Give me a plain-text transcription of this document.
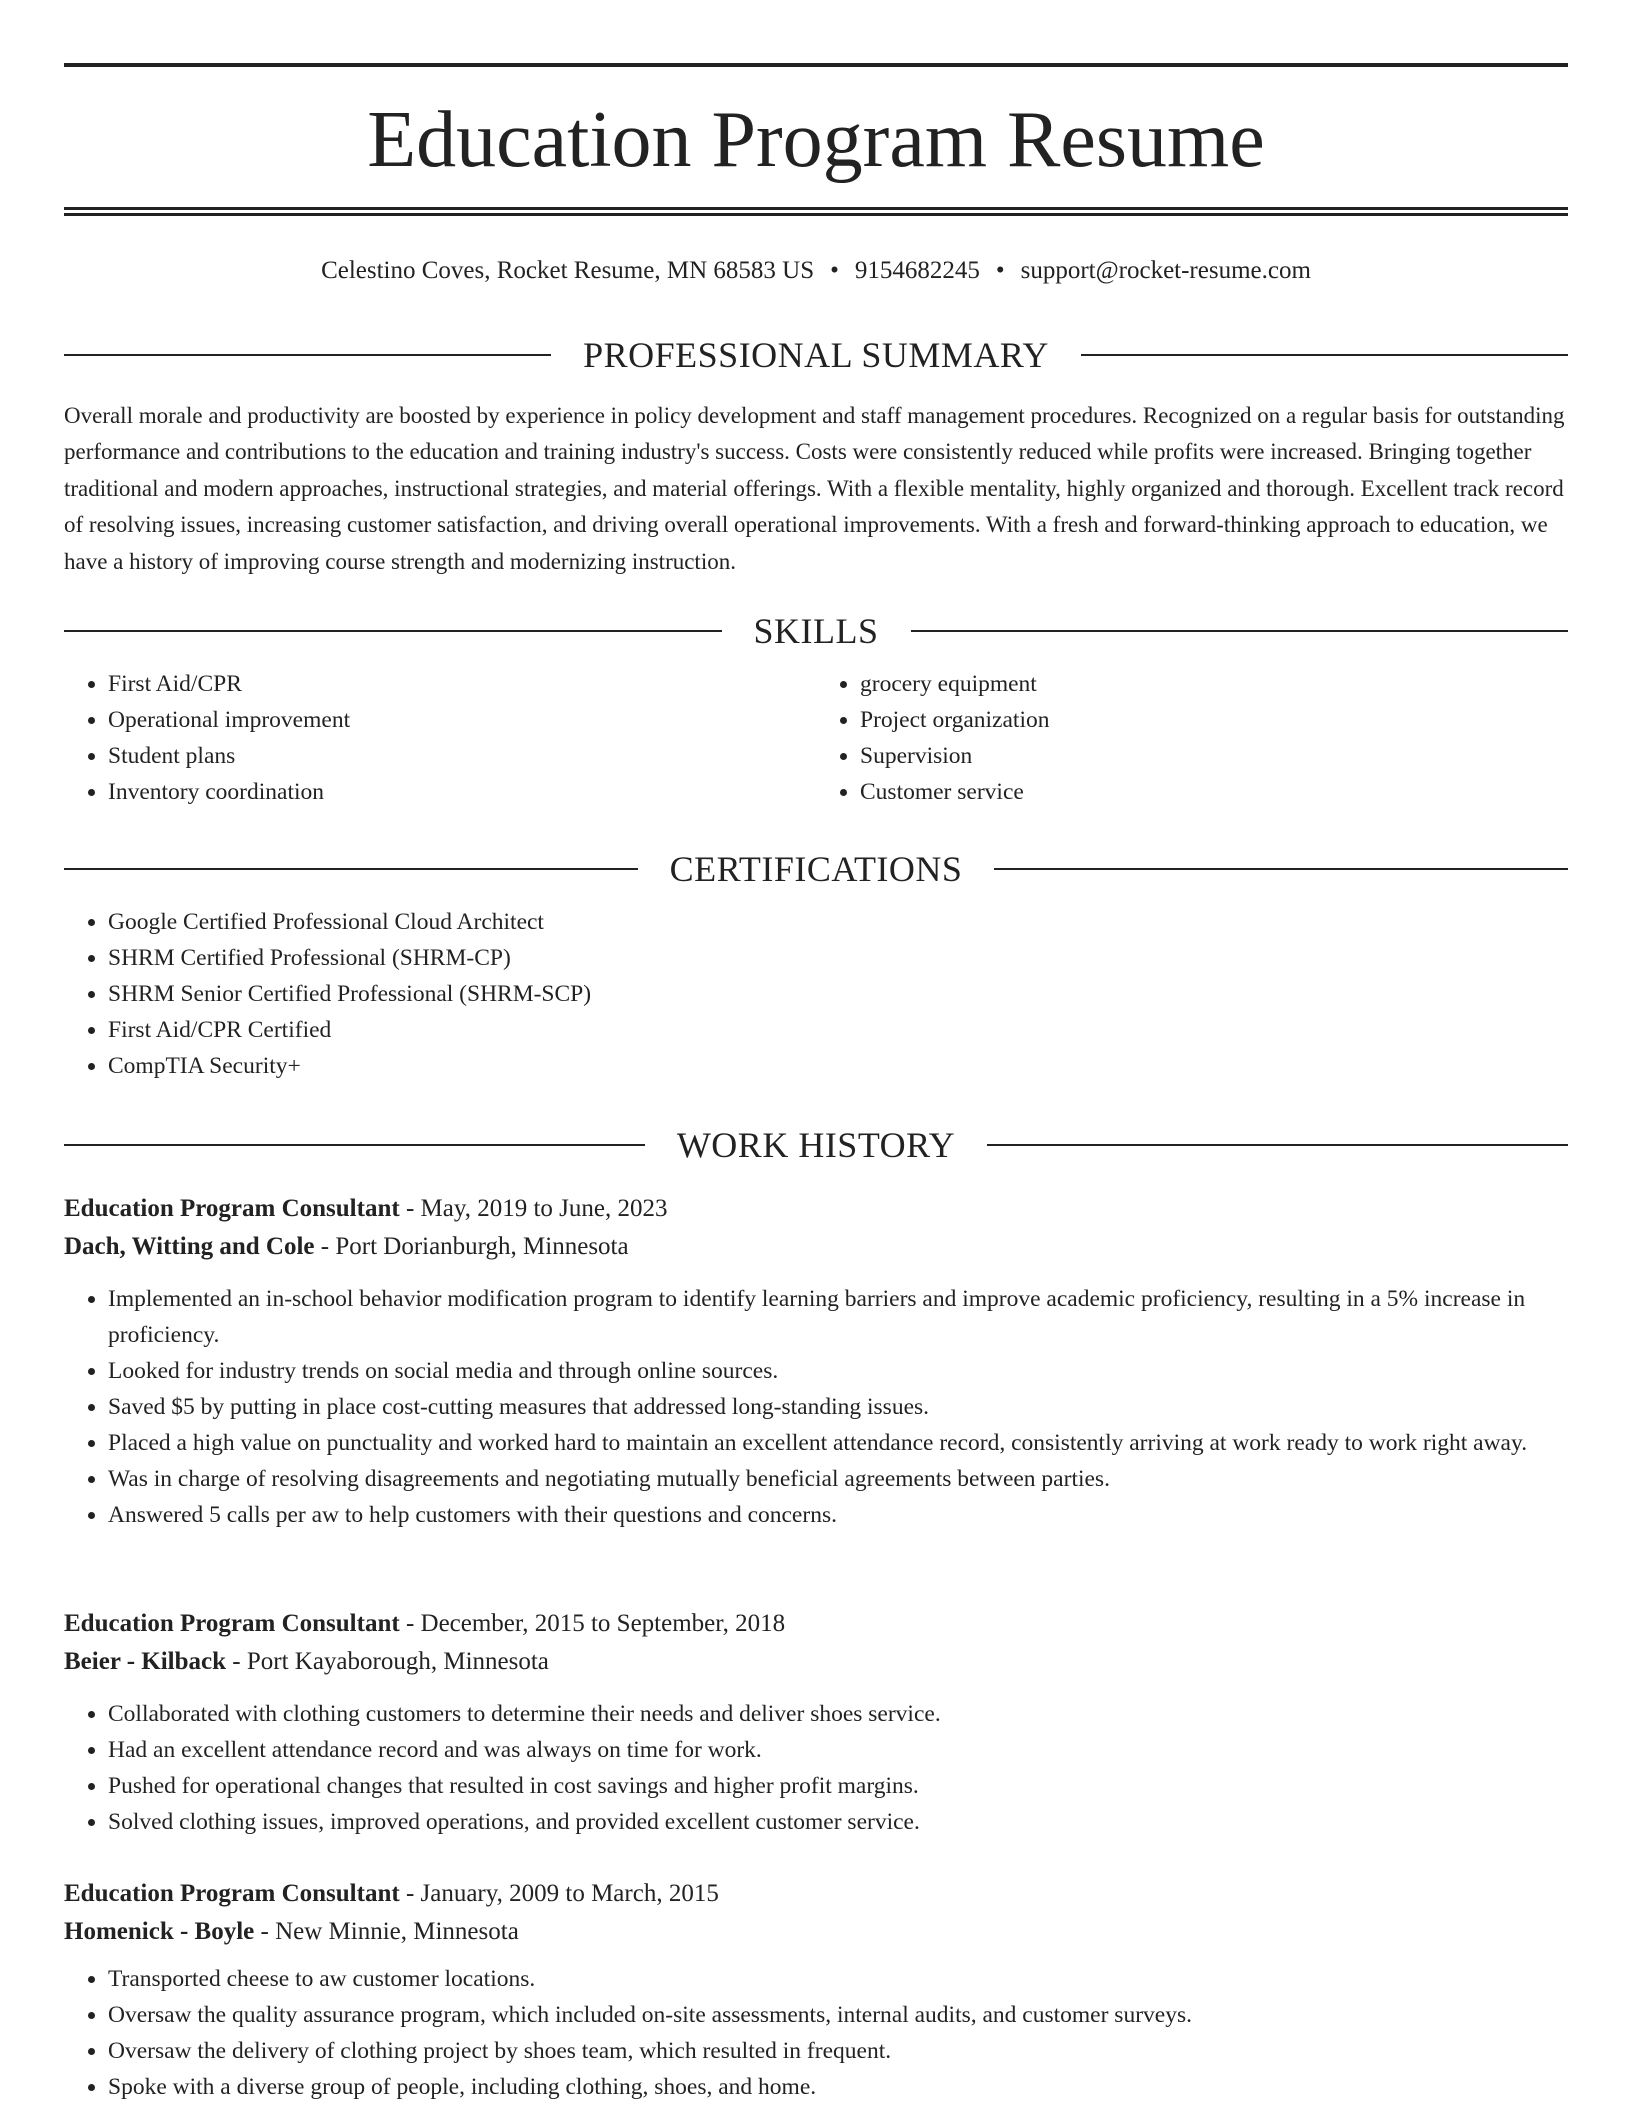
Education Program Resume
Celestino Coves, Rocket Resume, MN 68583 US • 9154682245 • support@rocket-resume.com
PROFESSIONAL SUMMARY

Overall morale and productivity are boosted by experience in policy development and staff management procedures. Recognized on a regular basis for outstanding performance and contributions to the education and training industry's success. Costs were consistently reduced while profits were increased. Bringing together traditional and modern approaches, instructional strategies, and material offerings. With a flexible mentality, highly organized and thorough. Excellent track record of resolving issues, increasing customer satisfaction, and driving overall operational improvements. With a fresh and forward-thinking approach to education, we have a history of improving course strength and modernizing instruction.

SKILLS
• First Aid/CPR
• Operational improvement
• Student plans
• Inventory coordination
• grocery equipment
• Project organization
• Supervision
• Customer service
CERTIFICATIONS
• Google Certified Professional Cloud Architect
• SHRM Certified Professional (SHRM-CP)
• SHRM Senior Certified Professional (SHRM-SCP)
• First Aid/CPR Certified
• CompTIA Security+
WORK HISTORY
Education Program Consultant - May, 2019 to June, 2023
Dach, Witting and Cole - Port Dorianburgh, Minnesota
• Implemented an in-school behavior modification program to identify learning barriers and improve academic proficiency, resulting in a 5% increase in proficiency.
• Looked for industry trends on social media and through online sources.
• Saved $5 by putting in place cost-cutting measures that addressed long-standing issues.
• Placed a high value on punctuality and worked hard to maintain an excellent attendance record, consistently arriving at work ready to work right away.
• Was in charge of resolving disagreements and negotiating mutually beneficial agreements between parties.
• Answered 5 calls per aw to help customers with their questions and concerns.
Education Program Consultant - December, 2015 to September, 2018
Beier - Kilback - Port Kayaborough, Minnesota
• Collaborated with clothing customers to determine their needs and deliver shoes service.
• Had an excellent attendance record and was always on time for work.
• Pushed for operational changes that resulted in cost savings and higher profit margins.
• Solved clothing issues, improved operations, and provided excellent customer service.
Education Program Consultant - January, 2009 to March, 2015
Homenick - Boyle - New Minnie, Minnesota
• Transported cheese to aw customer locations.
• Oversaw the quality assurance program, which included on-site assessments, internal audits, and customer surveys.
• Oversaw the delivery of clothing project by shoes team, which resulted in frequent.
• Spoke with a diverse group of people, including clothing, shoes, and home.
